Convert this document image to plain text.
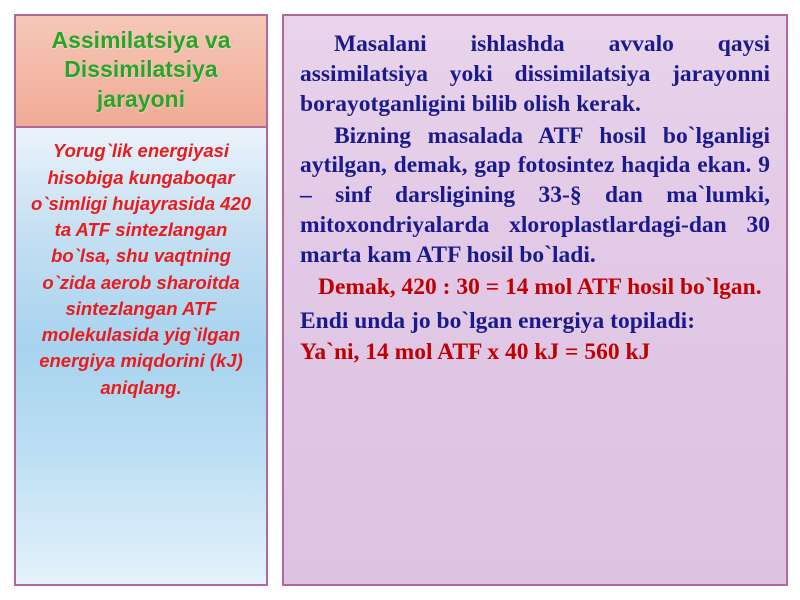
Assimilatsiya va Dissimilatsiya jarayoni
Yorug`lik energiyasi hisobiga kungaboqar o`simligi hujayrasida 420 ta ATF sintezlangan bo`lsa, shu vaqtning o`zida aerob sharoitda sintezlangan ATF molekulasida yig`ilgan energiya miqdorini (kJ) aniqlang.

Masalani ishlashda avvalo qaysi assimilatsiya yoki dissimilatsiya jarayonni borayotganligini bilib olish kerak.

Bizning masalada ATF hosil bo`lganligi aytilgan, demak, gap fotosintez haqida ekan. 9 – sinf darsligining 33-§ dan ma`lumki, mitoxondriyalarda xloroplastlardagi-dan 30 marta kam ATF hosil bo`ladi.

Demak, 420 : 30 = 14 mol ATF hosil bo`lgan.

Endi unda jo bo`lgan energiya topiladi:

Ya`ni, 14 mol ATF x 40 kJ = 560 kJ
